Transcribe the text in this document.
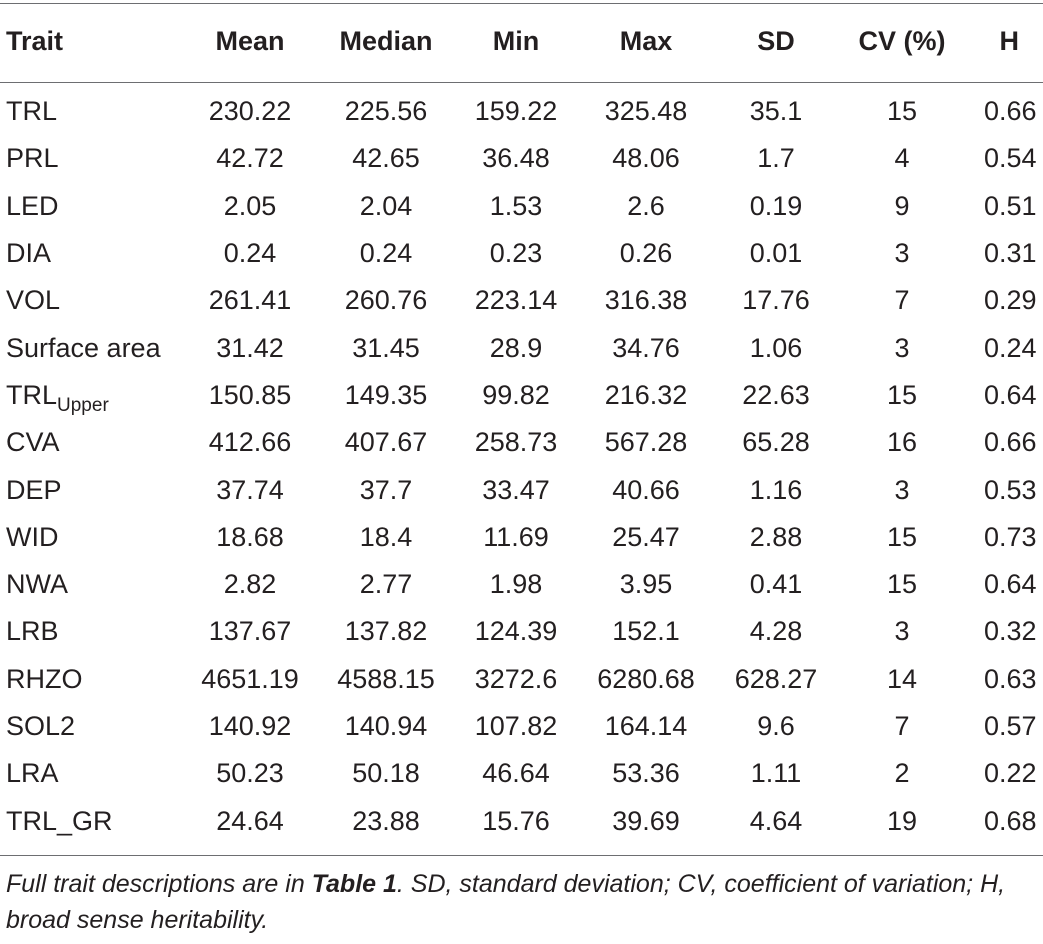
Trait	Mean	Median	Min	Max	SD	CV (%)	H
TRL	230.22	225.56	159.22	325.48	35.1	15	0.66
PRL	42.72	42.65	36.48	48.06	1.7	4	0.54
LED	2.05	2.04	1.53	2.6	0.19	9	0.51
DIA	0.24	0.24	0.23	0.26	0.01	3	0.31
VOL	261.41	260.76	223.14	316.38	17.76	7	0.29
Surface area	31.42	31.45	28.9	34.76	1.06	3	0.24
$TRL_{Upper}$	150.85	149.35	99.82	216.32	22.63	15	0.64
CVA	412.66	407.67	258.73	567.28	65.28	16	0.66
DEP	37.74	37.7	33.47	40.66	1.16	3	0.53
WID	18.68	18.4	11.69	25.47	2.88	15	0.73
NWA	2.82	2.77	1.98	3.95	0.41	15	0.64
LRB	137.67	137.82	124.39	152.1	4.28	3	0.32
RHZO	4651.19	4588.15	3272.6	6280.68	628.27	14	0.63
SOL2	140.92	140.94	107.82	164.14	9.6	7	0.57
LRA	50.23	50.18	46.64	53.36	1.11	2	0.22
TRL_GR	24.64	23.88	15.76	39.69	4.64	19	0.68
Full trait descriptions are in Table 1. SD, standard deviation; CV, coefficient of variation; H, broad sense heritability.
